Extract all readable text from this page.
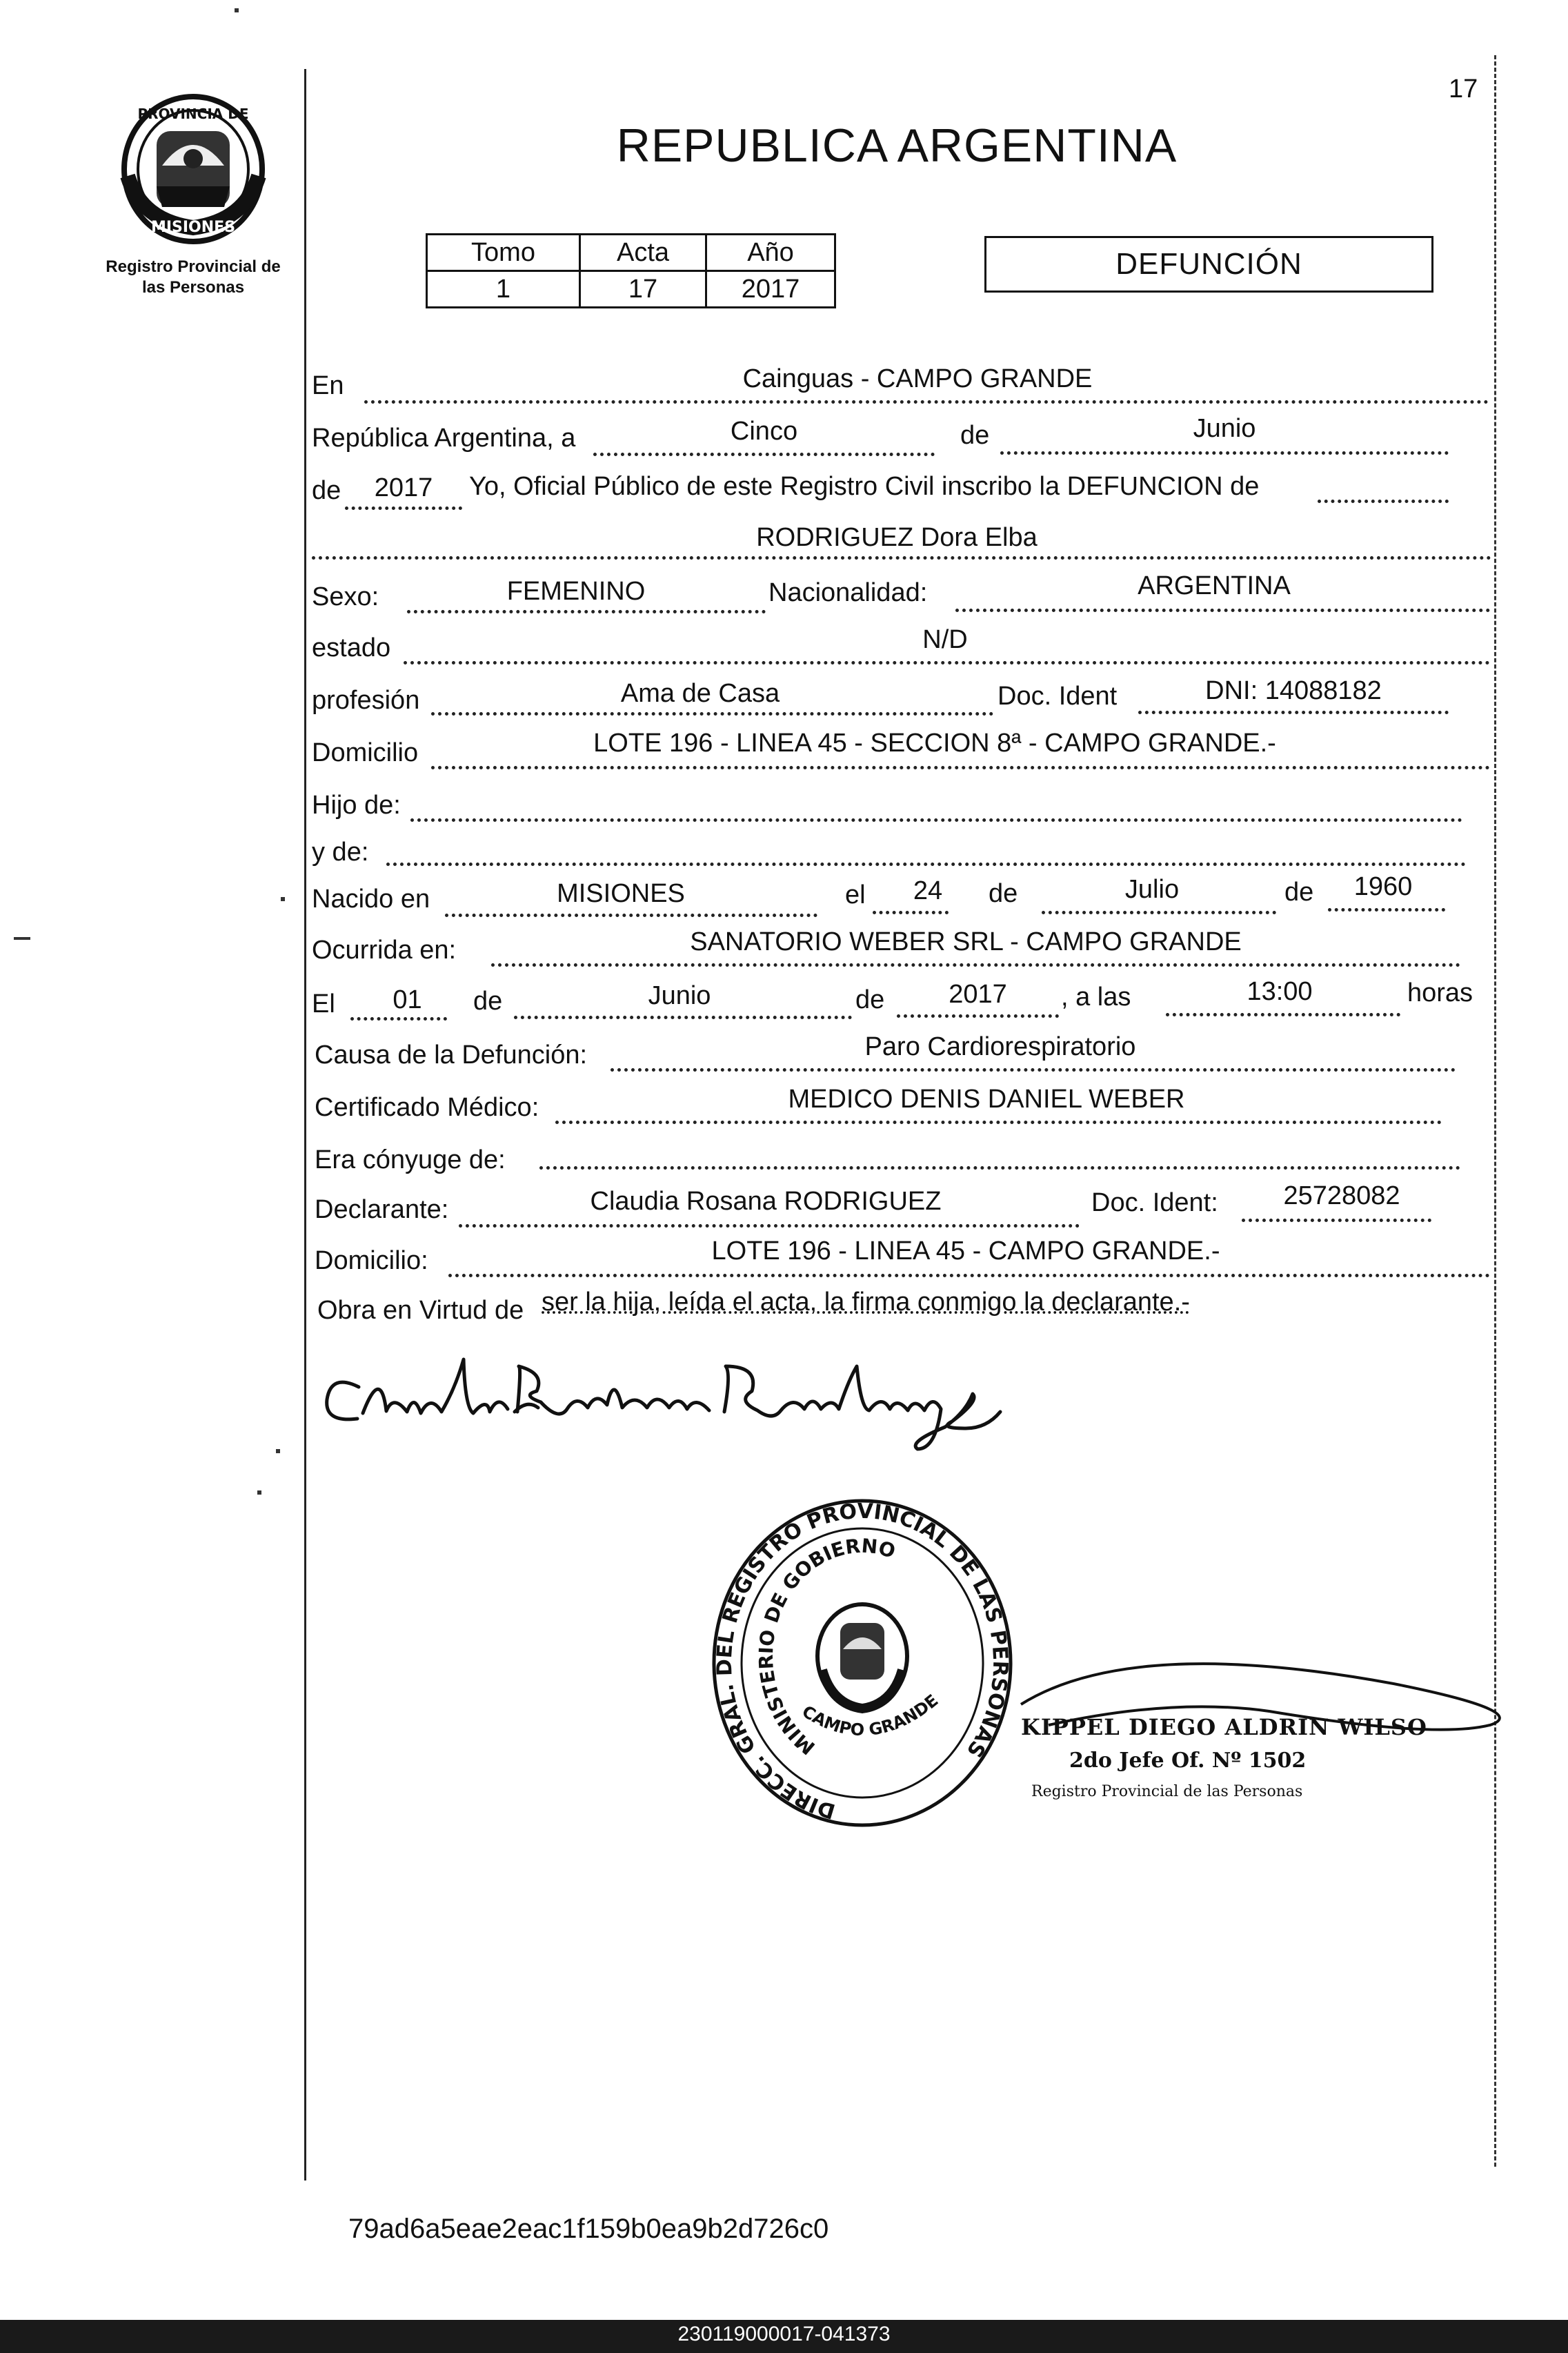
17
PROVINCIA DE
MISIONES
Registro Provincial de
las Personas
REPUBLICA ARGENTINA
Tomo	Acta	Año
1	17	2017
DEFUNCIÓN
En	Cainguas - CAMPO GRANDE
República Argentina, a	Cinco	de	Junio
de	2017	Yo, Oficial Público de este Registro Civil inscribo la DEFUNCION de
RODRIGUEZ Dora Elba
Sexo:	FEMENINO	Nacionalidad:	ARGENTINA
estado	N/D
profesión	Ama de Casa	Doc. Ident	DNI: 14088182
Domicilio	LOTE 196 - LINEA 45 - SECCION 8ª - CAMPO GRANDE.-
Hijo de:
y de:
Nacido en	MISIONES	el	24	de	Julio	de	1960
Ocurrida en:	SANATORIO WEBER SRL - CAMPO GRANDE
El	01	de	Junio	de	2017	, a las	13:00	horas
Causa de la Defunción:	Paro Cardiorespiratorio
Certificado Médico:	MEDICO DENIS DANIEL WEBER
Era cónyuge de:
Declarante:	Claudia Rosana RODRIGUEZ	Doc. Ident:	25728082
Domicilio:	LOTE 196 - LINEA 45 - CAMPO GRANDE.-
Obra en Virtud de ser la hija, leída el acta, la firma conmigo la declarante.-
DIRECC. GRAL. DEL REGISTRO PROVINCIAL DE LAS PERSONAS
MINISTERIO DE GOBIERNO
CAMPO GRANDE
KIPPEL DIEGO ALDRIN WILSO
2do Jefe Of. Nº 1502
Registro Provincial de las Personas
79ad6a5eae2eac1f159b0ea9b2d726c0
230119000017-041373
